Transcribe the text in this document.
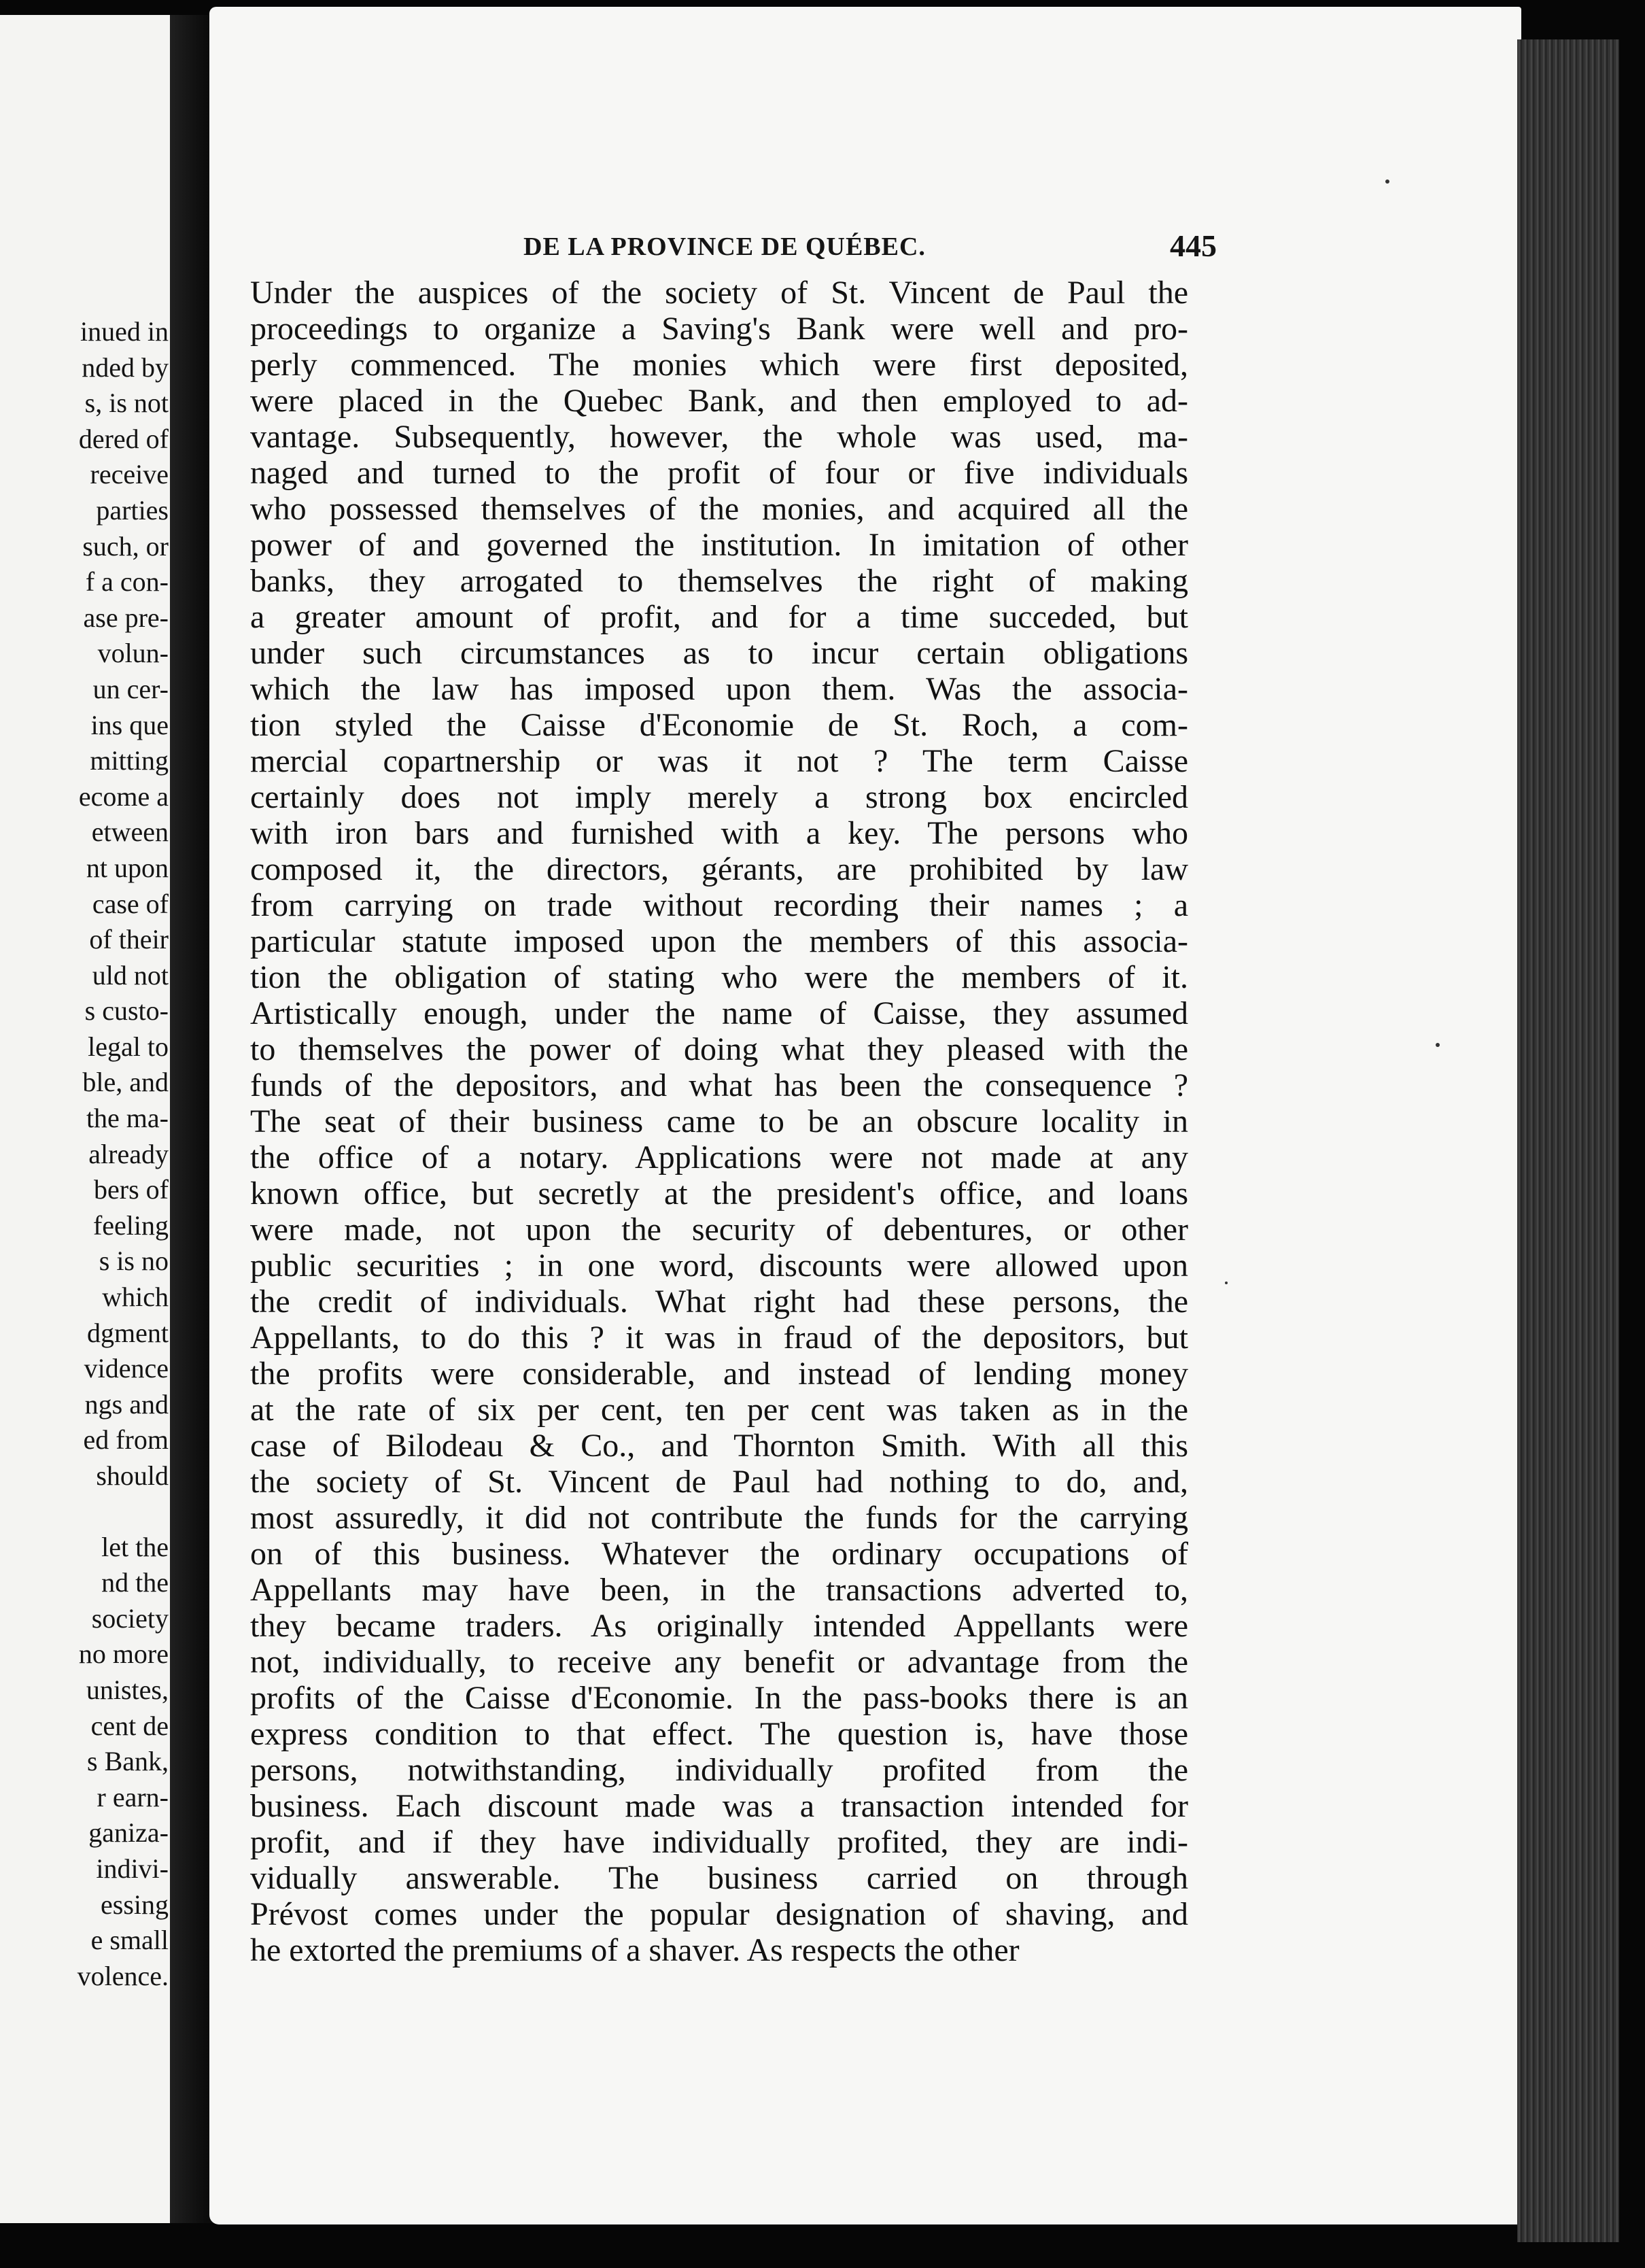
inued in
nded by
s, is not
dered of
receive
parties
such, or
f a con-
ase pre-
volun-
un cer-
ins que
mitting
ecome a
etween
nt upon
case of
of their
uld not
s custo-
legal to
ble, and
the ma-
already
bers of
feeling
s is no
which
dgment
vidence
ngs and
ed from
should
let the
nd the
society
no more
unistes,
cent de
s Bank,
r earn-
ganiza-
indivi-
essing
e small
volence.
DE LA PROVINCE DE QUÉBEC.	445
Under the auspices of the society of St. Vincent de Paul the
proceedings to organize a Saving's Bank were well and pro-
perly commenced. The monies which were first deposited,
were placed in the Quebec Bank, and then employed to ad-
vantage. Subsequently, however, the whole was used, ma-
naged and turned to the profit of four or five individuals
who possessed themselves of the monies, and acquired all the
power of and governed the institution. In imitation of other
banks, they arrogated to themselves the right of making
a greater amount of profit, and for a time succeded, but
under such circumstances as to incur certain obligations
which the law has imposed upon them. Was the associa-
tion styled the Caisse d'Economie de St. Roch, a com-
mercial copartnership or was it not ? The term Caisse
certainly does not imply merely a strong box encircled
with iron bars and furnished with a key. The persons who
composed it, the directors, gérants, are prohibited by law
from carrying on trade without recording their names ; a
particular statute imposed upon the members of this associa-
tion the obligation of stating who were the members of it.
Artistically enough, under the name of Caisse, they assumed
to themselves the power of doing what they pleased with the
funds of the depositors, and what has been the consequence ?
The seat of their business came to be an obscure locality in
the office of a notary. Applications were not made at any
known office, but secretly at the president's office, and loans
were made, not upon the security of debentures, or other
public securities ; in one word, discounts were allowed upon
the credit of individuals. What right had these persons, the
Appellants, to do this ? it was in fraud of the depositors, but
the profits were considerable, and instead of lending money
at the rate of six per cent, ten per cent was taken as in the
case of Bilodeau & Co., and Thornton Smith. With all this
the society of St. Vincent de Paul had nothing to do, and,
most assuredly, it did not contribute the funds for the carrying
on of this business. Whatever the ordinary occupations of
Appellants may have been, in the transactions adverted to,
they became traders. As originally intended Appellants were
not, individually, to receive any benefit or advantage from the
profits of the Caisse d'Economie. In the pass-books there is an
express condition to that effect. The question is, have those
persons, notwithstanding, individually profited from the
business. Each discount made was a transaction intended for
profit, and if they have individually profited, they are indi-
vidually answerable. The business carried on through
Prévost comes under the popular designation of shaving, and
he extorted the premiums of a shaver. As respects the other
